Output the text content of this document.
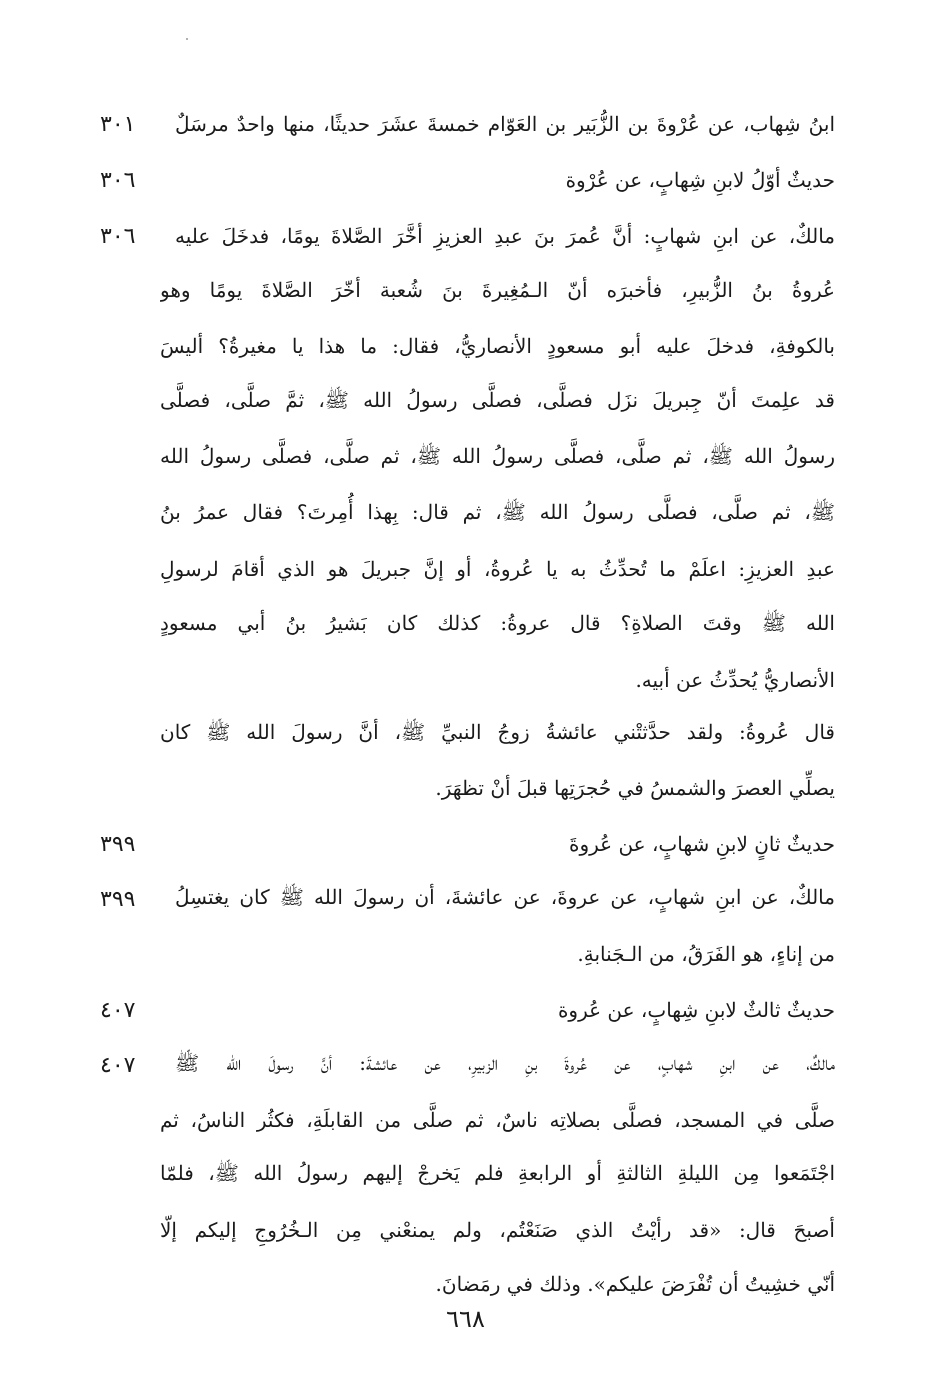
ابنُ شِهاب، عن عُرْوةَ بن الزُّبَير بن العَوّام خمسةَ عشَرَ حديثًا، منها واحدٌ مرسَلٌ
٣٠١
حديثٌ أوّلُ لابنِ شِهابٍ، عن عُرْوة
٣٠٦
مالكٌ، عن ابنِ شهابٍ: أنَّ عُمرَ بنَ عبدِ العزيزِ أخَّرَ الصَّلاةَ يومًا، فدخَلَ عليه
٣٠٦
عُروةُ بنُ الزُّبيرِ، فأخبرَه أنّ الـمُغِيرةَ بنَ شُعبة أخّرَ الصَّلاةَ يومًا وهو
بالكوفةِ، فدخلَ عليه أبو مسعودٍ الأنصاريُّ، فقال: ما هذا يا مغيرةُ؟ أليسَ
قد علِمتَ أنّ جِبريلَ نزَل فصلَّى، فصلَّى رسولُ الله ﷺ، ثمَّ صلَّى، فصلَّى
رسولُ الله ﷺ، ثم صلَّى، فصلَّى رسولُ الله ﷺ، ثم صلَّى، فصلَّى رسولُ الله
ﷺ، ثم صلَّى، فصلَّى رسولُ الله ﷺ، ثم قال: بِهذا أُمِرتَ؟ فقال عمرُ بنُ
عبدِ العزيزِ: اعلَمْ ما تُحدِّثُ به يا عُروةُ، أو إنَّ جبريلَ هو الذي أقامَ لرسولِ
الله ﷺ وقتَ الصلاةِ؟ قال عروةُ: كذلك كان بَشيرُ بنُ أبي مسعودٍ
الأنصاريُّ يُحدِّثُ عن أبيه.
قال عُروةُ: ولقد حدَّثتْني عائشةُ زوجُ النبيِّ ﷺ، أنَّ رسولَ الله ﷺ كان
يصلِّي العصرَ والشمسُ في حُجرَتِها قبلَ أنْ تظهَرَ.
حديثٌ ثانٍ لابنِ شهابٍ، عن عُروةَ
٣٩٩
مالكٌ، عن ابنِ شهابٍ، عن عروةَ، عن عائشةَ، أن رسولَ الله ﷺ كان يغتسِلُ
٣٩٩
من إناءٍ، هو الفَرَقُ، من الـجَنابةِ.
حديثٌ ثالثٌ لابنِ شِهابٍ، عن عُروة
٤٠٧
مالكٌ، عن ابنِ شهابٍ، عن عُروةَ بنِ الزبيرِ، عن عائشةَ: أنَّ رسولَ الله ﷺ
٤٠٧
صلَّى في المسجد، فصلَّى بصلاتِه ناسٌ، ثم صلَّى من القابلَةِ، فكثُر الناسُ، ثم
اجْتَمَعوا مِن الليلةِ الثالثةِ أو الرابعةِ فلم يَخرجْ إليهم رسولُ الله ﷺ، فلمّا
أصبحَ قال: «قد رأيْتُ الذي صَنَعْتُم، ولم يمنعْني مِن الـخُرُوجِ إليكم إلّا
أنّي خشِيتُ أن تُفْرَضَ عليكم». وذلك في رمَضانَ.
٦٦٨
